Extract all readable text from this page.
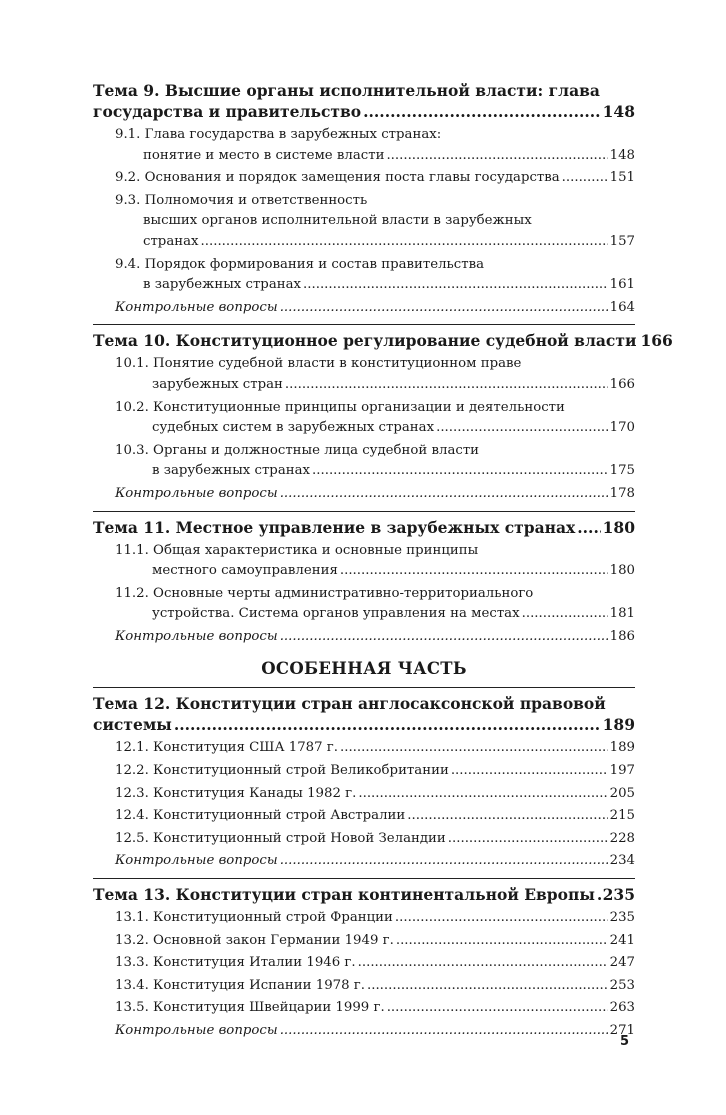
Тема 9. Высшие органы исполнительной власти: глава
государства и правительство .....	148
9.1. Глава государства в зарубежных странах:
понятие и место в системе власти .....	148
9.2. Основания и порядок замещения поста главы государства .....	151
9.3. Полномочия и ответственность
высших органов исполнительной власти в зарубежных
странах .....	157
9.4. Порядок формирования и состав правительства
в зарубежных странах .....	161
Контрольные вопросы .....	164
Тема 10. Конституционное регулирование судебной власти 166
10.1. Понятие судебной власти в конституционном праве
зарубежных стран .....	166
10.2. Конституционные принципы организации и деятельности
судебных систем в зарубежных странах .....	170
10.3. Органы и должностные лица судебной власти
в зарубежных странах .....	175
Контрольные вопросы .....	178
Тема 11. Местное управление в зарубежных странах ..... 180
11.1. Общая характеристика и основные принципы
местного самоуправления .....	180
11.2. Основные черты административно-территориального
устройства. Система органов управления на местах .....	181
Контрольные вопросы .....	186
ОСОБЕННАЯ ЧАСТЬ
Тема 12. Конституции стран англосаксонской правовой
системы .....	189
12.1. Конституция США 1787 г. .....	189
12.2. Конституционный строй Великобритании .....	197
12.3. Конституция Канады 1982 г. .....	205
12.4. Конституционный строй Австралии .....	215
12.5. Конституционный строй Новой Зеландии .....	228
Контрольные вопросы .....	234
Тема 13. Конституции стран континентальной Европы ..... 235
13.1. Конституционный строй Франции .....	235
13.2. Основной закон Германии 1949 г. .....	241
13.3. Конституция Италии 1946 г. .....	247
13.4. Конституция Испании 1978 г. .....	253
13.5. Конституция Швейцарии 1999 г. .....	263
Контрольные вопросы .....	271
5
